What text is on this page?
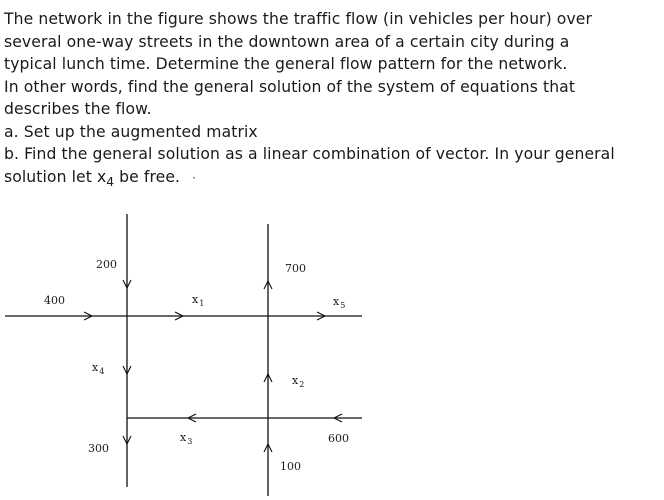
The network in the figure shows the traffic flow (in vehicles per hour) over

several one-way streets in the downtown area of a certain city during a

typical lunch time. Determine the general flow pattern for the network.

In other words, find the general solution of the system of equations that

describes the flow.

a. Set up the augmented matrix

b. Find the general solution as a linear combination of vector. In your general

solution let $x_4$ be free. ·

200	700
400	$x_1$	$x_5$
$x_4$
$x_2$
$x_3$	600
300
100
